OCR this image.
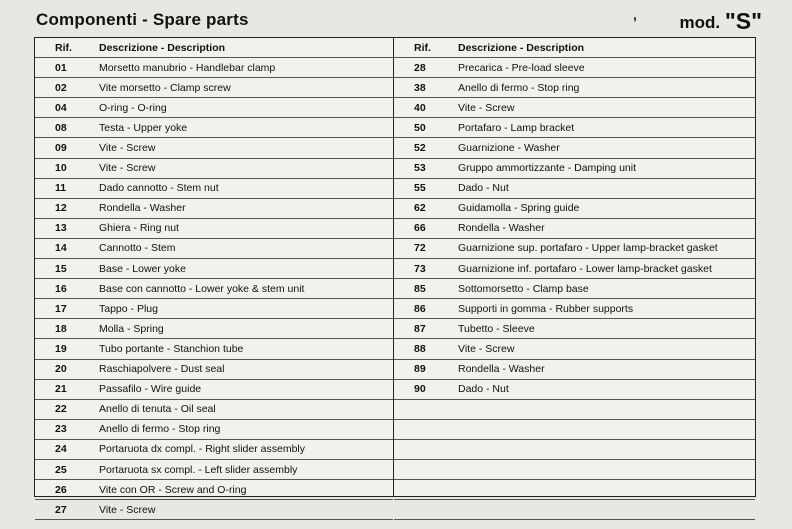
Componenti - Spare parts	’	mod. "S"
Rif.	Descrizione - Description
01	Morsetto manubrio - Handlebar clamp
02	Vite morsetto - Clamp screw
04	O-ring - O-ring
08	Testa - Upper yoke
09	Vite - Screw
10	Vite - Screw
11	Dado cannotto - Stem nut
12	Rondella - Washer
13	Ghiera - Ring nut
14	Cannotto - Stem
15	Base - Lower yoke
16	Base con cannotto - Lower yoke & stem unit
17	Tappo - Plug
18	Molla - Spring
19	Tubo portante - Stanchion tube
20	Raschiapolvere - Dust seal
21	Passafilo - Wire guide
22	Anello di tenuta - Oil seal
23	Anello di fermo - Stop ring
24	Portaruota dx compl. - Right slider assembly
25	Portaruota sx compl. - Left slider assembly
26	Vite con OR - Screw and O-ring
27	Vite - Screw
Rif.	Descrizione - Description
28	Precarica - Pre-load sleeve
38	Anello di fermo - Stop ring
40	Vite - Screw
50	Portafaro - Lamp bracket
52	Guarnizione - Washer
53	Gruppo ammortizzante - Damping unit
55	Dado - Nut
62	Guidamolla - Spring guide
66	Rondella - Washer
72	Guarnizione sup. portafaro - Upper lamp-bracket gasket
73	Guarnizione inf. portafaro - Lower lamp-bracket gasket
85	Sottomorsetto - Clamp base
86	Supporti in gomma - Rubber supports
87	Tubetto - Sleeve
88	Vite - Screw
89	Rondella - Washer
90	Dado - Nut
